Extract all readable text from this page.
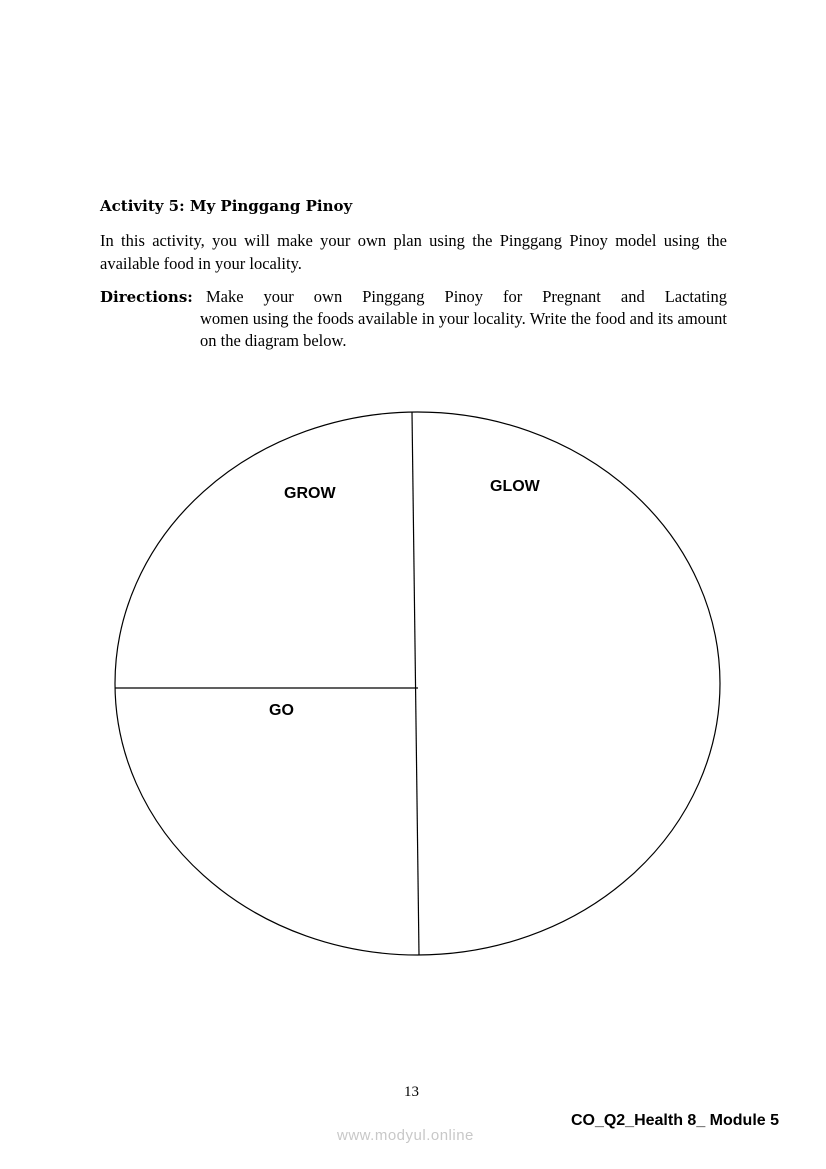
Activity 5: My Pinggang Pinoy
In this activity, you will make your own plan using the Pinggang Pinoy model using the available food in your locality.
Directions: Make your own Pinggang Pinoy for Pregnant and Lactating
women using the foods available in your locality. Write the food and its amount on the diagram below.
GROW	GLOW
GO
13
CO_Q2_Health 8_ Module 5
www.modyul.online
